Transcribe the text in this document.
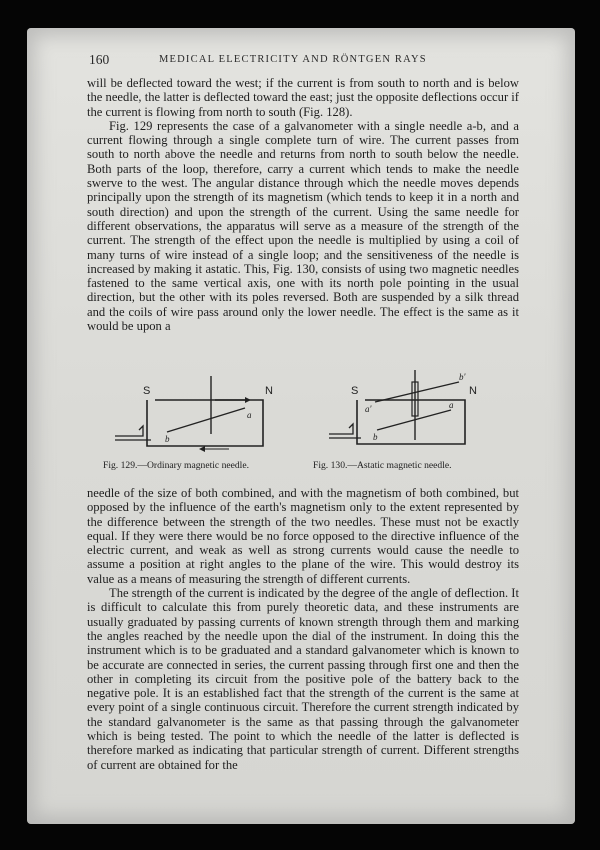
160	MEDICAL ELECTRICITY AND RÖNTGEN RAYS

will be deflected toward the west; if the current is from south to north and is below the needle, the latter is deflected toward the east; just the opposite deflections occur if the current is flowing from north to south (Fig. 128).

Fig. 129 represents the case of a galvanometer with a single needle a-b, and a current flowing through a single complete turn of wire. The current passes from south to north above the needle and returns from north to south below the needle. Both parts of the loop, therefore, carry a current which tends to make the needle swerve to the west. The angular distance through which the needle moves depends principally upon the strength of its magnetism (which tends to keep it in a north and south direction) and upon the strength of the current. Using the same needle for different observations, the apparatus will serve as a measure of the strength of the current. The strength of the effect upon the needle is multiplied by using a coil of many turns of wire instead of a single loop; and the sensitiveness of the needle is increased by making it astatic. This, Fig. 130, consists of using two magnetic needles fastened to the same vertical axis, one with its north pole pointing in the usual direction, but the other with its poles reversed. Both are suspended by a silk thread and the coils of wire pass around only the lower needle. The effect is the same as it would be upon a

S	N
a
b
Fig. 129.—Ordinary magnetic needle.
S	N
b'
a'	a
b
Fig. 130.—Astatic magnetic needle.

needle of the size of both combined, and with the magnetism of both combined, but opposed by the influence of the earth's magnetism only to the extent represented by the difference between the strength of the two needles. These must not be exactly equal. If they were there would be no force opposed to the directive influence of the electric current, and weak as well as strong currents would cause the needle to assume a position at right angles to the plane of the wire. This would destroy its value as a means of measuring the strength of different currents.

The strength of the current is indicated by the degree of the angle of deflection. It is difficult to calculate this from purely theoretic data, and these instruments are usually graduated by passing currents of known strength through them and marking the angles reached by the needle upon the dial of the instrument. In doing this the instrument which is to be graduated and a standard galvanometer which is known to be accurate are connected in series, the current passing through first one and then the other in completing its circuit from the positive pole of the battery back to the negative pole. It is an established fact that the strength of the current is the same at every point of a single continuous circuit. Therefore the current strength indicated by the standard galvanometer is the same as that passing through the galvanometer which is being tested. The point to which the needle of the latter is deflected is therefore marked as indicating that particular strength of current. Different strengths of current are obtained for the
